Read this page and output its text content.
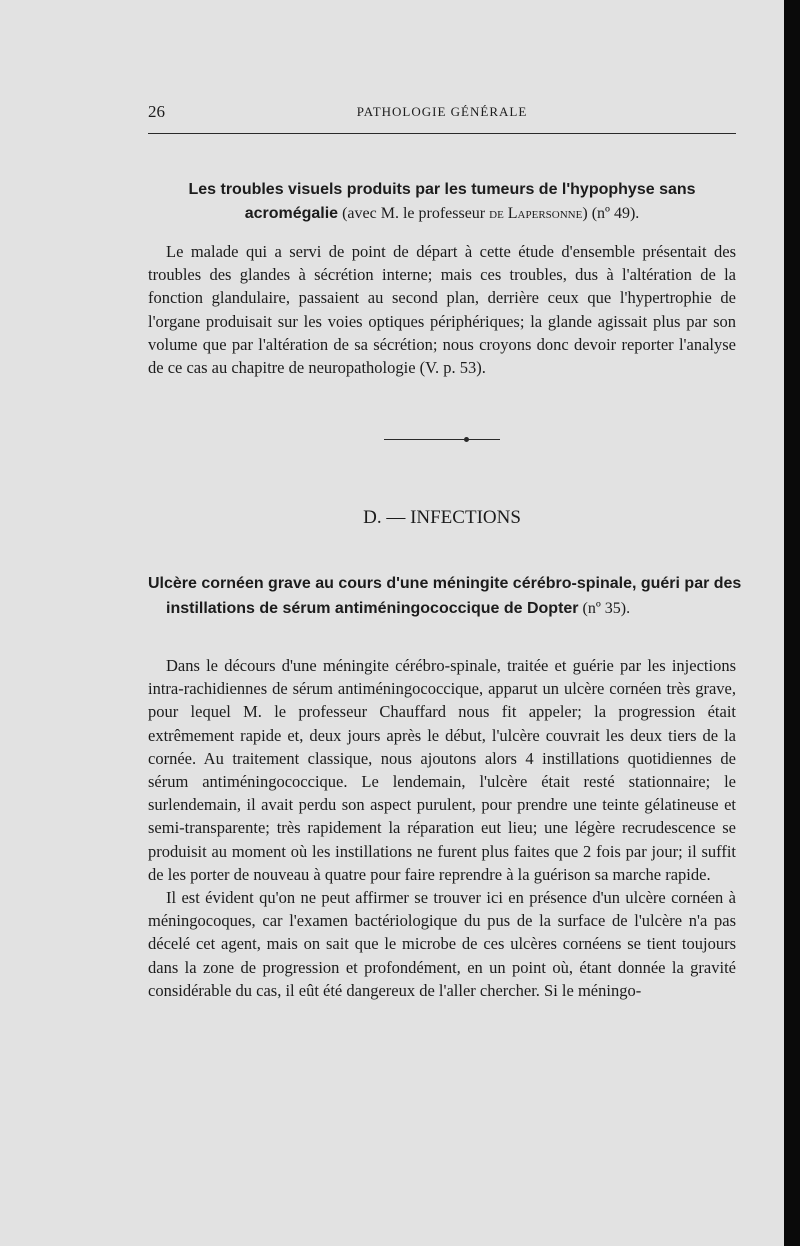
26	PATHOLOGIE GÉNÉRALE
Les troubles visuels produits par les tumeurs de l'hypophyse sans acromégalie (avec M. le professeur de Lapersonne) (nº 49).
Le malade qui a servi de point de départ à cette étude d'ensemble présentait des troubles des glandes à sécrétion interne; mais ces troubles, dus à l'altération de la fonction glandulaire, passaient au second plan, derrière ceux que l'hypertrophie de l'organe produisait sur les voies optiques périphériques; la glande agissait plus par son volume que par l'altération de sa sécrétion; nous croyons donc devoir reporter l'analyse de ce cas au chapitre de neuropathologie (V. p. 53).
D. — INFECTIONS
Ulcère cornéen grave au cours d'une méningite cérébro-spinale, guéri par des instillations de sérum antiméningococcique de Dopter (nº 35).

Dans le décours d'une méningite cérébro-spinale, traitée et guérie par les injections intra-rachidiennes de sérum antiméningococcique, apparut un ulcère cornéen très grave, pour lequel M. le professeur Chauffard nous fit appeler; la progression était extrêmement rapide et, deux jours après le début, l'ulcère couvrait les deux tiers de la cornée. Au traitement classique, nous ajoutons alors 4 instillations quotidiennes de sérum antiméningococcique. Le lendemain, l'ulcère était resté stationnaire; le surlendemain, il avait perdu son aspect purulent, pour prendre une teinte gélatineuse et semi-transparente; très rapidement la réparation eut lieu; une légère recrudescence se produisit au moment où les instillations ne furent plus faites que 2 fois par jour; il suffit de les porter de nouveau à quatre pour faire reprendre à la guérison sa marche rapide.

Il est évident qu'on ne peut affirmer se trouver ici en présence d'un ulcère cornéen à méningocoques, car l'examen bactériologique du pus de la surface de l'ulcère n'a pas décelé cet agent, mais on sait que le microbe de ces ulcères cornéens se tient toujours dans la zone de progression et profondément, en un point où, étant donnée la gravité considérable du cas, il eût été dangereux de l'aller chercher. Si le méningo-
